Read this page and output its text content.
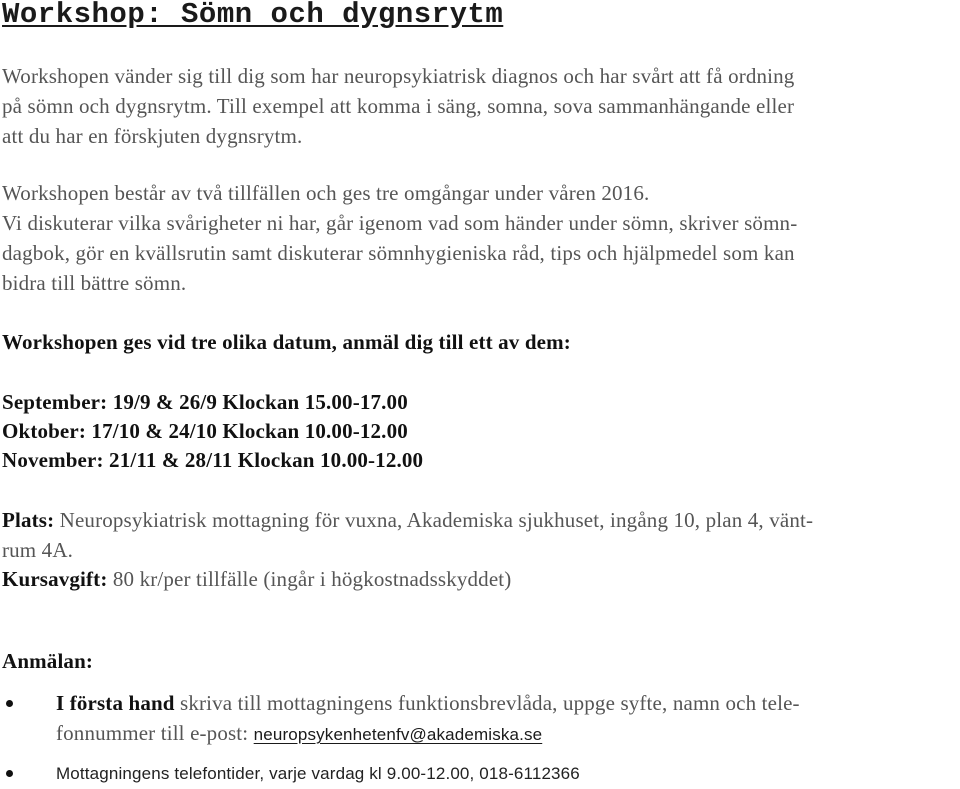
Workshop: Sömn och dygnsrytm

Workshopen vänder sig till dig som har neuropsykiatrisk diagnos och har svårt att få ordning

på sömn och dygnsrytm. Till exempel att komma i säng, somna, sova sammanhängande eller

att du har en förskjuten dygnsrytm.

Workshopen består av två tillfällen och ges tre omgångar under våren 2016.

Vi diskuterar vilka svårigheter ni har, går igenom vad som händer under sömn, skriver sömn-

dagbok, gör en kvällsrutin samt diskuterar sömnhygieniska råd, tips och hjälpmedel som kan

bidra till bättre sömn.

Workshopen ges vid tre olika datum, anmäl dig till ett av dem:

September: 19/9 & 26/9 Klockan 15.00-17.00

Oktober: 17/10 & 24/10 Klockan 10.00-12.00

November: 21/11 & 28/11 Klockan 10.00-12.00

Plats: Neuropsykiatrisk mottagning för vuxna, Akademiska sjukhuset, ingång 10, plan 4, vänt-

rum 4A.

Kursavgift: 80 kr/per tillfälle (ingår i högkostnadsskyddet)

Anmälan:

I första hand skriva till mottagningens funktionsbrevlåda, uppge syfte, namn och tele-

fonnummer till e-post: neuropsykenhetenfv@akademiska.se

Mottagningens telefontider, varje vardag kl 9.00-12.00, 018-6112366
